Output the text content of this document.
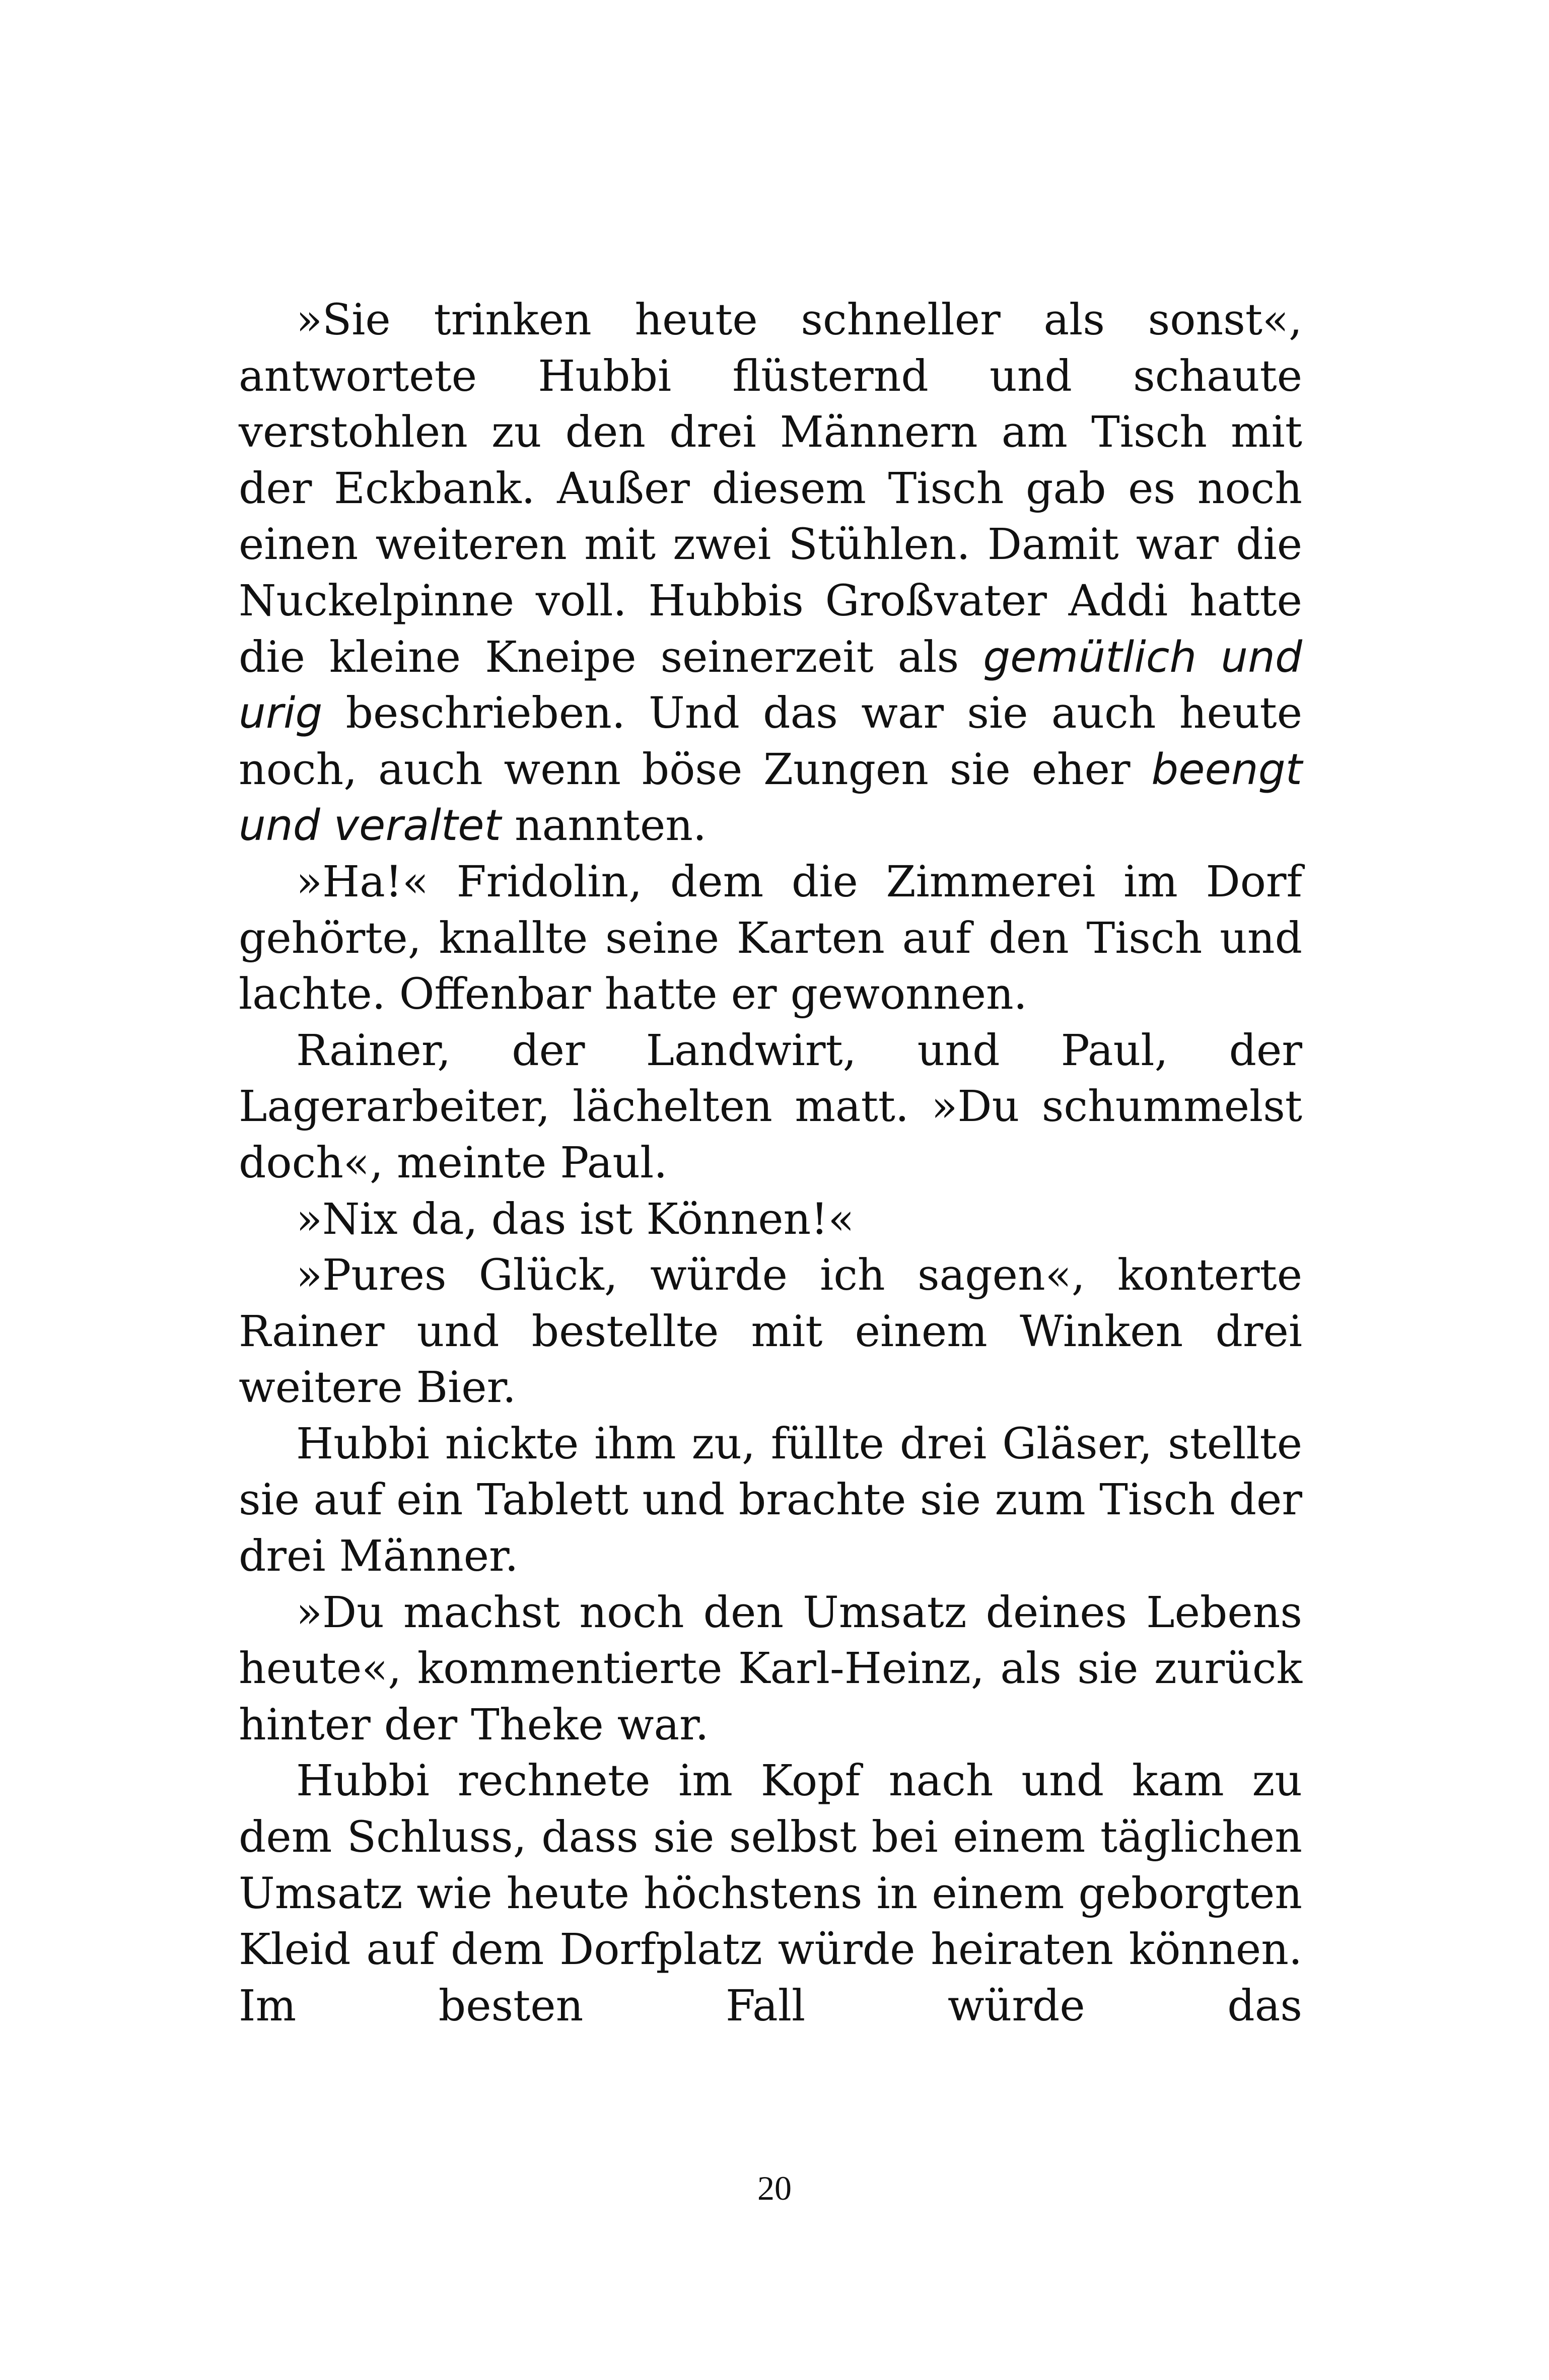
»Sie trinken heute schneller als sonst«, antwortete Hubbi flüsternd und schaute verstohlen zu den drei Männern am Tisch mit der Eckbank. Außer diesem Tisch gab es noch einen weiteren mit zwei Stühlen. Damit war die Nuckelpinne voll. Hubbis Großvater Addi hatte die kleine Kneipe seinerzeit als gemütlich und urig beschrieben. Und das war sie auch heute noch, auch wenn böse Zungen sie eher beengt und veraltet nannten.

»Ha!« Fridolin, dem die Zimmerei im Dorf gehörte, knallte seine Karten auf den Tisch und lachte. Offenbar hatte er gewonnen.

Rainer, der Landwirt, und Paul, der Lagerarbeiter, lächelten matt. »Du schummelst doch«, meinte Paul.

»Nix da, das ist Können!«

»Pures Glück, würde ich sagen«, konterte Rainer und bestellte mit einem Winken drei weitere Bier.

Hubbi nickte ihm zu, füllte drei Gläser, stellte sie auf ein Tablett und brachte sie zum Tisch der drei Männer.

»Du machst noch den Umsatz deines Lebens heute«, kommentierte Karl-Heinz, als sie zurück hinter der Theke war.

Hubbi rechnete im Kopf nach und kam zu dem Schluss, dass sie selbst bei einem täglichen Umsatz wie heute höchstens in einem geborgten Kleid auf dem Dorfplatz würde heiraten können. Im besten Fall würde das

20
